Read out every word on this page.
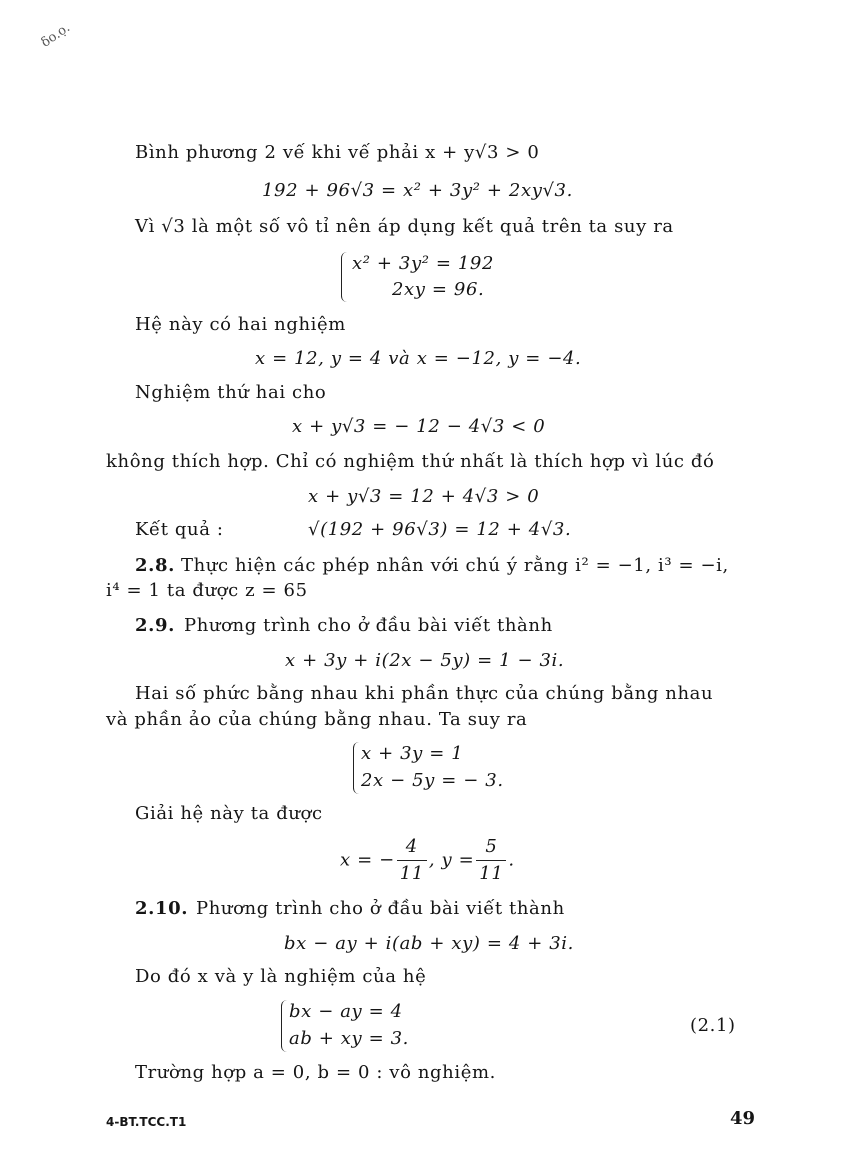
ẟo.ọ.
Bình phương 2 vế khi vế phải x + y√3 > 0
192 + 96√3 = x² + 3y² + 2xy√3.
Vì √3 là một số vô tỉ nên áp dụng kết quả trên ta suy ra
x² + 3y² = 192
2xy = 96.
Hệ này có hai nghiệm
x = 12, y = 4 và x = −12, y = −4.
Nghiệm thứ hai cho
x + y√3 = − 12 − 4√3 < 0
không thích hợp. Chỉ có nghiệm thứ nhất là thích hợp vì lúc đó
x + y√3 = 12 + 4√3 > 0
Kết quả :	√(192 + 96√3) = 12 + 4√3.
2.8. Thực hiện các phép nhân với chú ý rằng i² = −1, i³ = −i,
i⁴ = 1 ta được z = 65
2.9. Phương trình cho ở đầu bài viết thành
x + 3y + i(2x − 5y) = 1 − 3i.
Hai số phức bằng nhau khi phần thực của chúng bằng nhau
và phần ảo của chúng bằng nhau. Ta suy ra
x + 3y = 1
2x − 5y = − 3.
Giải hệ này ta được
x = − $\frac{4}{11}$ , $y = \frac{5}{11}$ .
2.10. Phương trình cho ở đầu bài viết thành
bx − ay + i(ab + xy) = 4 + 3i.
Do đó x và y là nghiệm của hệ
bx − ay = 4
ab + xy = 3.
(2.1)
Trường hợp a = 0, b = 0 : vô nghiệm.
4-BT.TCC.T1	49
